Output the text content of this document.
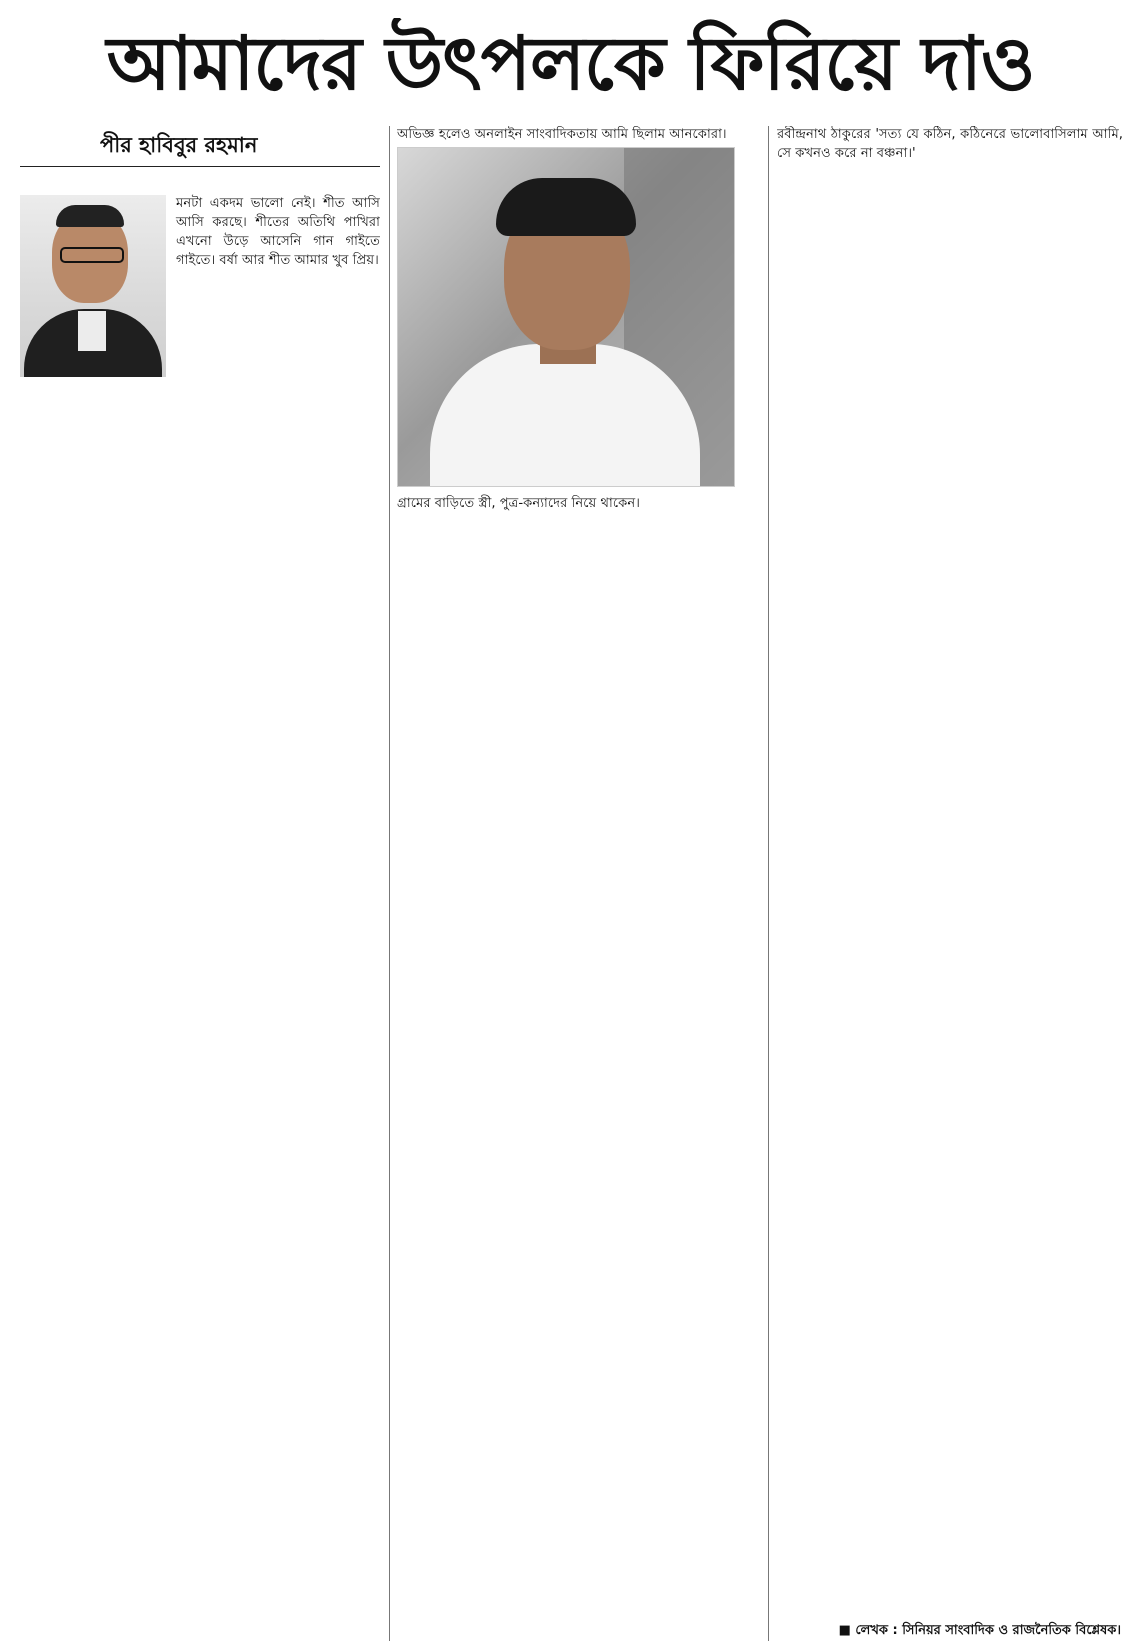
আমাদের উৎপলকে ফিরিয়ে দাও
পীর হাবিবুর রহমান

মনটা একদম ভালো নেই। শীত আসি আসি করছে। শীতের অতিথি পাখিরা এখনো উড়ে আসেনি গান গাইতে গাইতে। বর্ষা আর শীত আমার খুব প্রিয়।

অভিজ্ঞ হলেও অনলাইন সাংবাদিকতায় আমি ছিলাম আনকোরা।

গ্রামের বাড়িতে স্ত্রী, পুত্র-কন্যাদের নিয়ে থাকেন।

রবীন্দ্রনাথ ঠাকুরের 'সত্য যে কঠিন, কঠিনেরে ভালোবাসিলাম আমি, সে কখনও করে না বঞ্চনা।'

■ লেখক : সিনিয়র সাংবাদিক ও রাজনৈতিক বিশ্লেষক।
